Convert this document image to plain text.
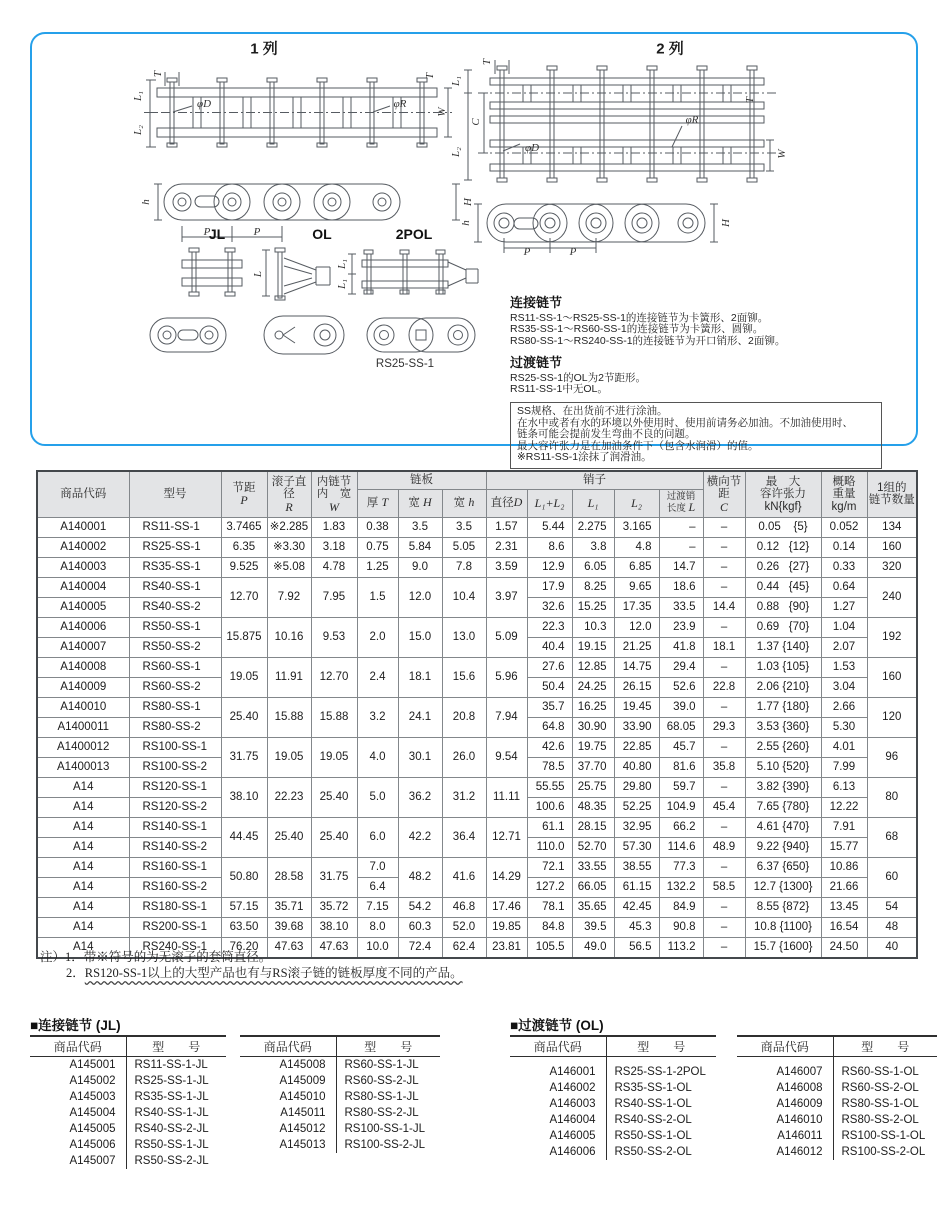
1 列	2 列
T
L₁
L₂
φD	φR
T
W
h	H
P	P
JL	OL	2POL
L
L₁
L₁
RS25-SS-1
T
L₁
C
L₂	φD
φR
T
W
h	H
P	P
连接链节

RS11-SS-1～RS25-SS-1的连接链节为卡簧形、2面铆。

RS35-SS-1～RS60-SS-1的连接链节为卡簧形、圆铆。

RS80-SS-1～RS240-SS-1的连接链节为开口销形、2面铆。

过渡链节

RS25-SS-1的OL为2节距形。

RS11-SS-1中无OL。

SS规格、在出货前不进行涂油。

在水中或者有水的环境以外使用时、使用前请务必加油。不加油使用时、

链条可能会提前发生弯曲不良的问题。

最大容许张力是在加油条件下（包含水润滑）的值。

※RS11-SS-1涂抹了润滑油。

商品代码	型号	
节距
P

滚子直径
R

内链节
内　宽
W
	链板	销子	横向节距
C

最　大
容许张力
kN{kgf}

概略
重量
kg/m

1组的
链节数量

					厚 T	宽 H	宽 h	直径D	L₁+L₂	L₁	L₂	过渡销
长度 L				

A140001	RS11-SS-1	3.7465	※2.285	1.83	0.38	3.5	3.5	1.57	5.44	2.275	3.165	–	–	0.05    {5}	0.052	134
A140002	RS25-SS-1	6.35	※3.30	3.18	0.75	5.84	5.05	2.31	8.6	3.8	4.8	–	–	0.12   {12}	0.14	160
A140003	RS35-SS-1	9.525	※5.08	4.78	1.25	9.0	7.8	3.59	12.9	6.05	6.85	14.7	–	0.26   {27}	0.33	320
A140004	RS40-SS-1	12.70	7.92	7.95	1.5	12.0	10.4	3.97	17.9	8.25	9.65	18.6	–	0.44   {45}	0.64	240
A140005	RS40-SS-2								32.6	15.25	17.35	33.5	14.4	0.88   {90}	1.27	
A140006	RS50-SS-1	15.875	10.16	9.53	2.0	15.0	13.0	5.09	22.3	10.3	12.0	23.9	–	0.69   {70}	1.04	192
A140007	RS50-SS-2								40.4	19.15	21.25	41.8	18.1	1.37 {140}	2.07	
A140008	RS60-SS-1	19.05	11.91	12.70	2.4	18.1	15.6	5.96	27.6	12.85	14.75	29.4	–	1.03 {105}	1.53	160
A140009	RS60-SS-2								50.4	24.25	26.15	52.6	22.8	2.06 {210}	3.04	
A140010	RS80-SS-1	25.40	15.88	15.88	3.2	24.1	20.8	7.94	35.7	16.25	19.45	39.0	–	1.77 {180}	2.66	120
A1400011	RS80-SS-2								64.8	30.90	33.90	68.05	29.3	3.53 {360}	5.30	
A1400012	RS100-SS-1	31.75	19.05	19.05	4.0	30.1	26.0	9.54	42.6	19.75	22.85	45.7	–	2.55 {260}	4.01	96
A1400013	RS100-SS-2								78.5	37.70	40.80	81.6	35.8	5.10 {520}	7.99	
A14	RS120-SS-1	38.10	22.23	25.40	5.0	36.2	31.2	11.11	55.55	25.75	29.80	59.7	–	3.82 {390}	6.13	80
A14	RS120-SS-2								100.6	48.35	52.25	104.9	45.4	7.65 {780}	12.22	
A14	RS140-SS-1	44.45	25.40	25.40	6.0	42.2	36.4	12.71	61.1	28.15	32.95	66.2	–	4.61 {470}	7.91	68
A14	RS140-SS-2								110.0	52.70	57.30	114.6	48.9	9.22 {940}	15.77	
A14	RS160-SS-1	50.80	28.58	31.75	7.0	48.2	41.6	14.29	72.1	33.55	38.55	77.3	–	6.37 {650}	10.86	60
A14	RS160-SS-2				6.4				127.2	66.05	61.15	132.2	58.5	12.7 {1300}	21.66	
A14	RS180-SS-1	57.15	35.71	35.72	7.15	54.2	46.8	17.46	78.1	35.65	42.45	84.9	–	8.55 {872}	13.45	54
A14	RS200-SS-1	63.50	39.68	38.10	8.0	60.3	52.0	19.85	84.8	39.5	45.3	90.8	–	10.8 {1100}	16.54	48
A14	RS240-SS-1	76.20	47.63	47.63	10.0	72.4	62.4	23.81	105.5	49.0	56.5	113.2	–	15.7 {1600}	24.50	40
注）1．带※符号的为无滚子的套筒直径。
2．RS120-SS-1以上的大型产品也有与RS滚子链的链板厚度不同的产品。
■连接链节 (JL)	■过渡链节 (OL)
商品代码	型　　号
A145001	RS11-SS-1-JL
A145002	RS25-SS-1-JL
A145003	RS35-SS-1-JL
A145004	RS40-SS-1-JL
A145005	RS40-SS-2-JL
A145006	RS50-SS-1-JL
A145007	RS50-SS-2-JL
商品代码	型　　号
A145008	RS60-SS-1-JL
A145009	RS60-SS-2-JL
A145010	RS80-SS-1-JL
A145011	RS80-SS-2-JL
A145012	RS100-SS-1-JL
A145013	RS100-SS-2-JL
商品代码	型　　号
A146001	RS25-SS-1-2POL
A146002	RS35-SS-1-OL
A146003	RS40-SS-1-OL
A146004	RS40-SS-2-OL
A146005	RS50-SS-1-OL
A146006	RS50-SS-2-OL
商品代码	型　　号
A146007	RS60-SS-1-OL
A146008	RS60-SS-2-OL
A146009	RS80-SS-1-OL
A146010	RS80-SS-2-OL
A146011	RS100-SS-1-OL
A146012	RS100-SS-2-OL
